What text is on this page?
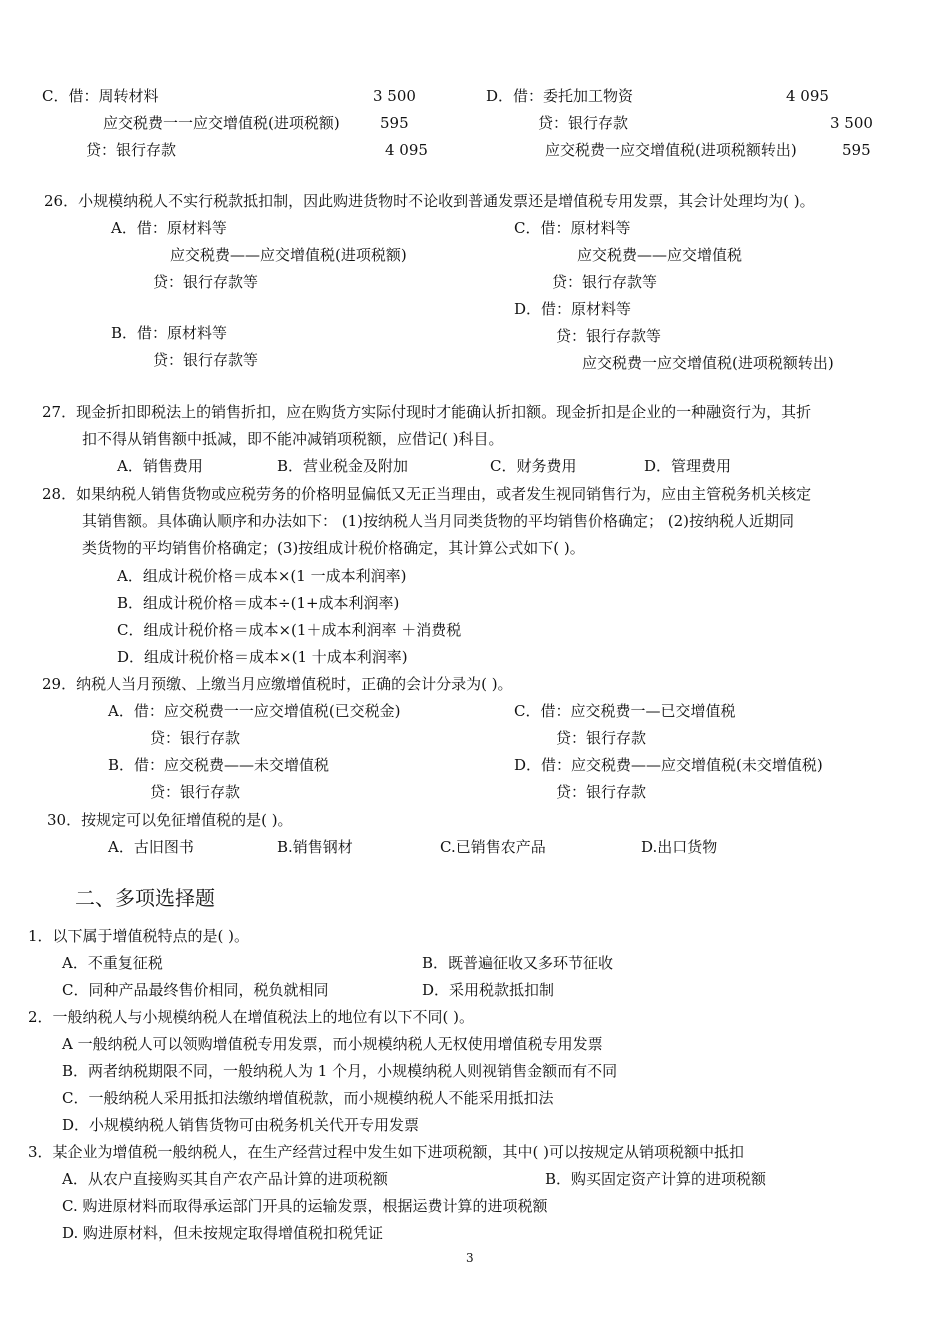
C．借：周转材料	3 500
应交税费一一应交增值税(进项税额)	595
贷：银行存款	4 095
D．借：委托加工物资	4 095
贷：银行存款	3 500
应交税费一应交增值税(进项税额转出)	595
26．小规模纳税人不实行税款抵扣制，因此购进货物时不论收到普通发票还是增值税专用发票，其会计处理均为( )。
A．借：原材料等
应交税费——应交增值税(进项税额)
贷：银行存款等
B．借：原材料等
贷：银行存款等
C．借：原材料等
应交税费——应交增值税
贷：银行存款等
D．借：原材料等
贷：银行存款等
应交税费一应交增值税(进项税额转出)
27．现金折扣即税法上的销售折扣，应在购货方实际付现时才能确认折扣额。现金折扣是企业的一种融资行为，其折
扣不得从销售额中抵减，即不能冲减销项税额，应借记( )科目。
A．销售费用	B．营业税金及附加	C．财务费用	D．管理费用
28．如果纳税人销售货物或应税劳务的价格明显偏低又无正当理由，或者发生视同销售行为，应由主管税务机关核定
其销售额。具体确认顺序和办法如下： (1)按纳税人当月同类货物的平均销售价格确定； (2)按纳税人近期同
类货物的平均销售价格确定；(3)按组成计税价格确定，其计算公式如下( )。
A．组成计税价格＝成本×(1 一成本利润率)
B．组成计税价格＝成本÷(1+成本利润率)
C．组成计税价格＝成本×(1＋成本利润率 ＋消费税
D．组成计税价格＝成本×(1 十成本利润率)
29．纳税人当月预缴、上缴当月应缴增值税时，正确的会计分录为( )。
A．借：应交税费一一应交增值税(已交税金)
贷：银行存款
B．借：应交税费——未交增值税
贷：银行存款
C．借：应交税费一—已交增值税
贷：银行存款
D．借：应交税费——应交增值税(未交增值税)
贷：银行存款
30．按规定可以免征增值税的是( )。
A．古旧图书	B.销售钢材	C.已销售农产品	D.出口货物
二、多项选择题
1．以下属于增值税特点的是( )。
A．不重复征税	B．既普遍征收又多环节征收
C．同种产品最终售价相同，税负就相同	D．采用税款抵扣制
2．一般纳税人与小规模纳税人在增值税法上的地位有以下不同( )。
A 一般纳税人可以领购增值税专用发票，而小规模纳税人无权使用增值税专用发票
B．两者纳税期限不同，一般纳税人为 1 个月，小规模纳税人则视销售金额而有不同
C．一般纳税人采用抵扣法缴纳增值税款，而小规模纳税人不能采用抵扣法
D．小规模纳税人销售货物可由税务机关代开专用发票
3．某企业为增值税一般纳税人，在生产经营过程中发生如下进项税额，其中( )可以按规定从销项税额中抵扣
A．从农户直接购买其自产农产品计算的进项税额	B．购买固定资产计算的进项税额
C. 购进原材料而取得承运部门开具的运输发票，根据运费计算的进项税额
D. 购进原材料，但未按规定取得增值税扣税凭证
3
